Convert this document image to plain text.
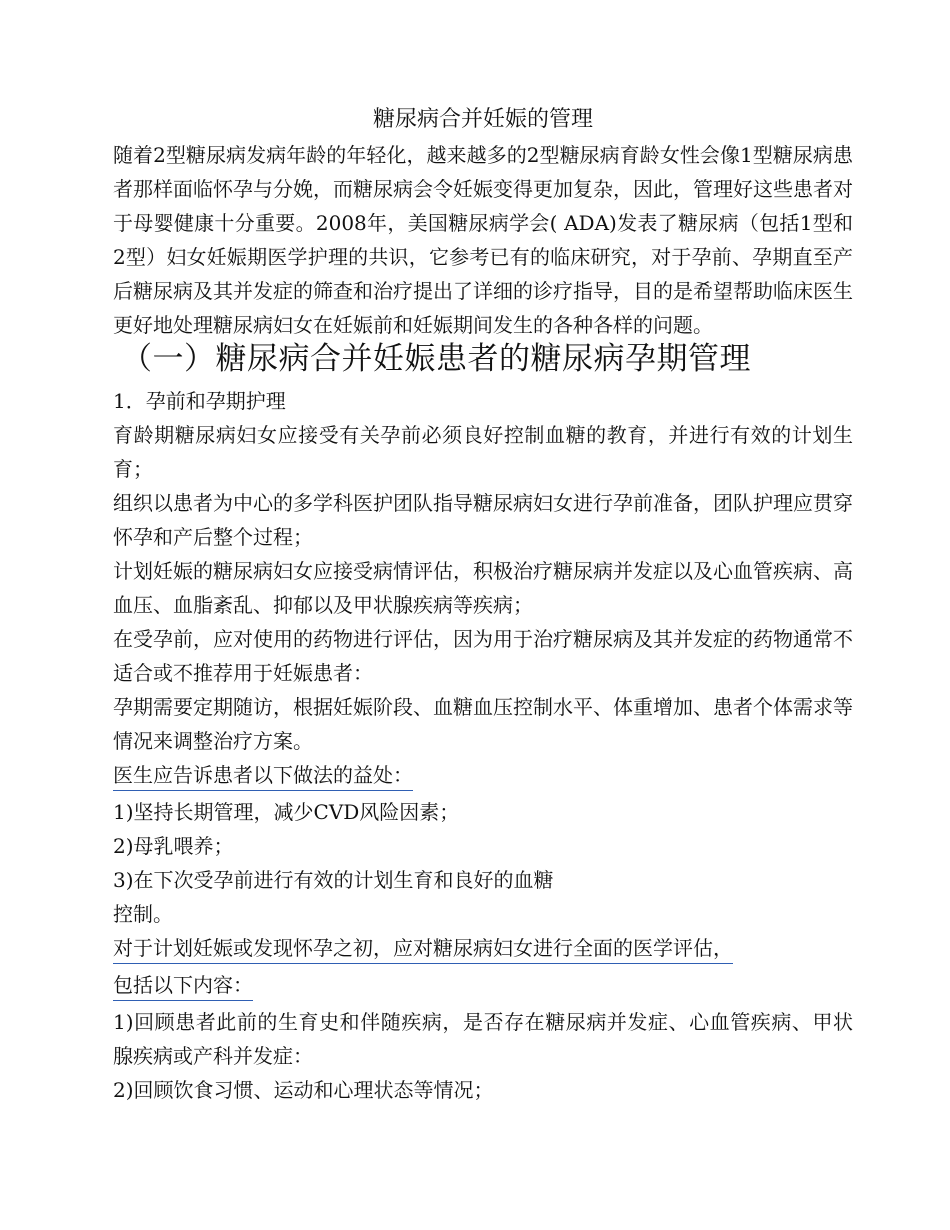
糖尿病合并妊娠的管理

随着2型糖尿病发病年龄的年轻化，越来越多的2型糖尿病育龄女性会像1型糖尿病患者那样面临怀孕与分娩，而糖尿病会令妊娠变得更加复杂，因此，管理好这些患者对于母婴健康十分重要。2008年，美国糖尿病学会( ADA)发表了糖尿病（包括1型和2型）妇女妊娠期医学护理的共识，它参考已有的临床研究，对于孕前、孕期直至产后糖尿病及其并发症的筛查和治疗提出了详细的诊疗指导，目的是希望帮助临床医生更好地处理糖尿病妇女在妊娠前和妊娠期间发生的各种各样的问题。

（一）糖尿病合并妊娠患者的糖尿病孕期管理

1．孕前和孕期护理

育龄期糖尿病妇女应接受有关孕前必须良好控制血糖的教育，并进行有效的计划生育；

组织以患者为中心的多学科医护团队指导糖尿病妇女进行孕前准备，团队护理应贯穿怀孕和产后整个过程；

计划妊娠的糖尿病妇女应接受病情评估，积极治疗糖尿病并发症以及心血管疾病、高血压、血脂紊乱、抑郁以及甲状腺疾病等疾病；

在受孕前，应对使用的药物进行评估，因为用于治疗糖尿病及其并发症的药物通常不适合或不推荐用于妊娠患者：

孕期需要定期随访，根据妊娠阶段、血糖血压控制水平、体重增加、患者个体需求等情况来调整治疗方案。

医生应告诉患者以下做法的益处：

1)坚持长期管理，减少CVD风险因素；

2)母乳喂养；

3)在下次受孕前进行有效的计划生育和良好的血糖

控制。

对于计划妊娠或发现怀孕之初，应对糖尿病妇女进行全面的医学评估，

包括以下内容：

1)回顾患者此前的生育史和伴随疾病，是否存在糖尿病并发症、心血管疾病、甲状腺疾病或产科并发症：

2)回顾饮食习惯、运动和心理状态等情况；
